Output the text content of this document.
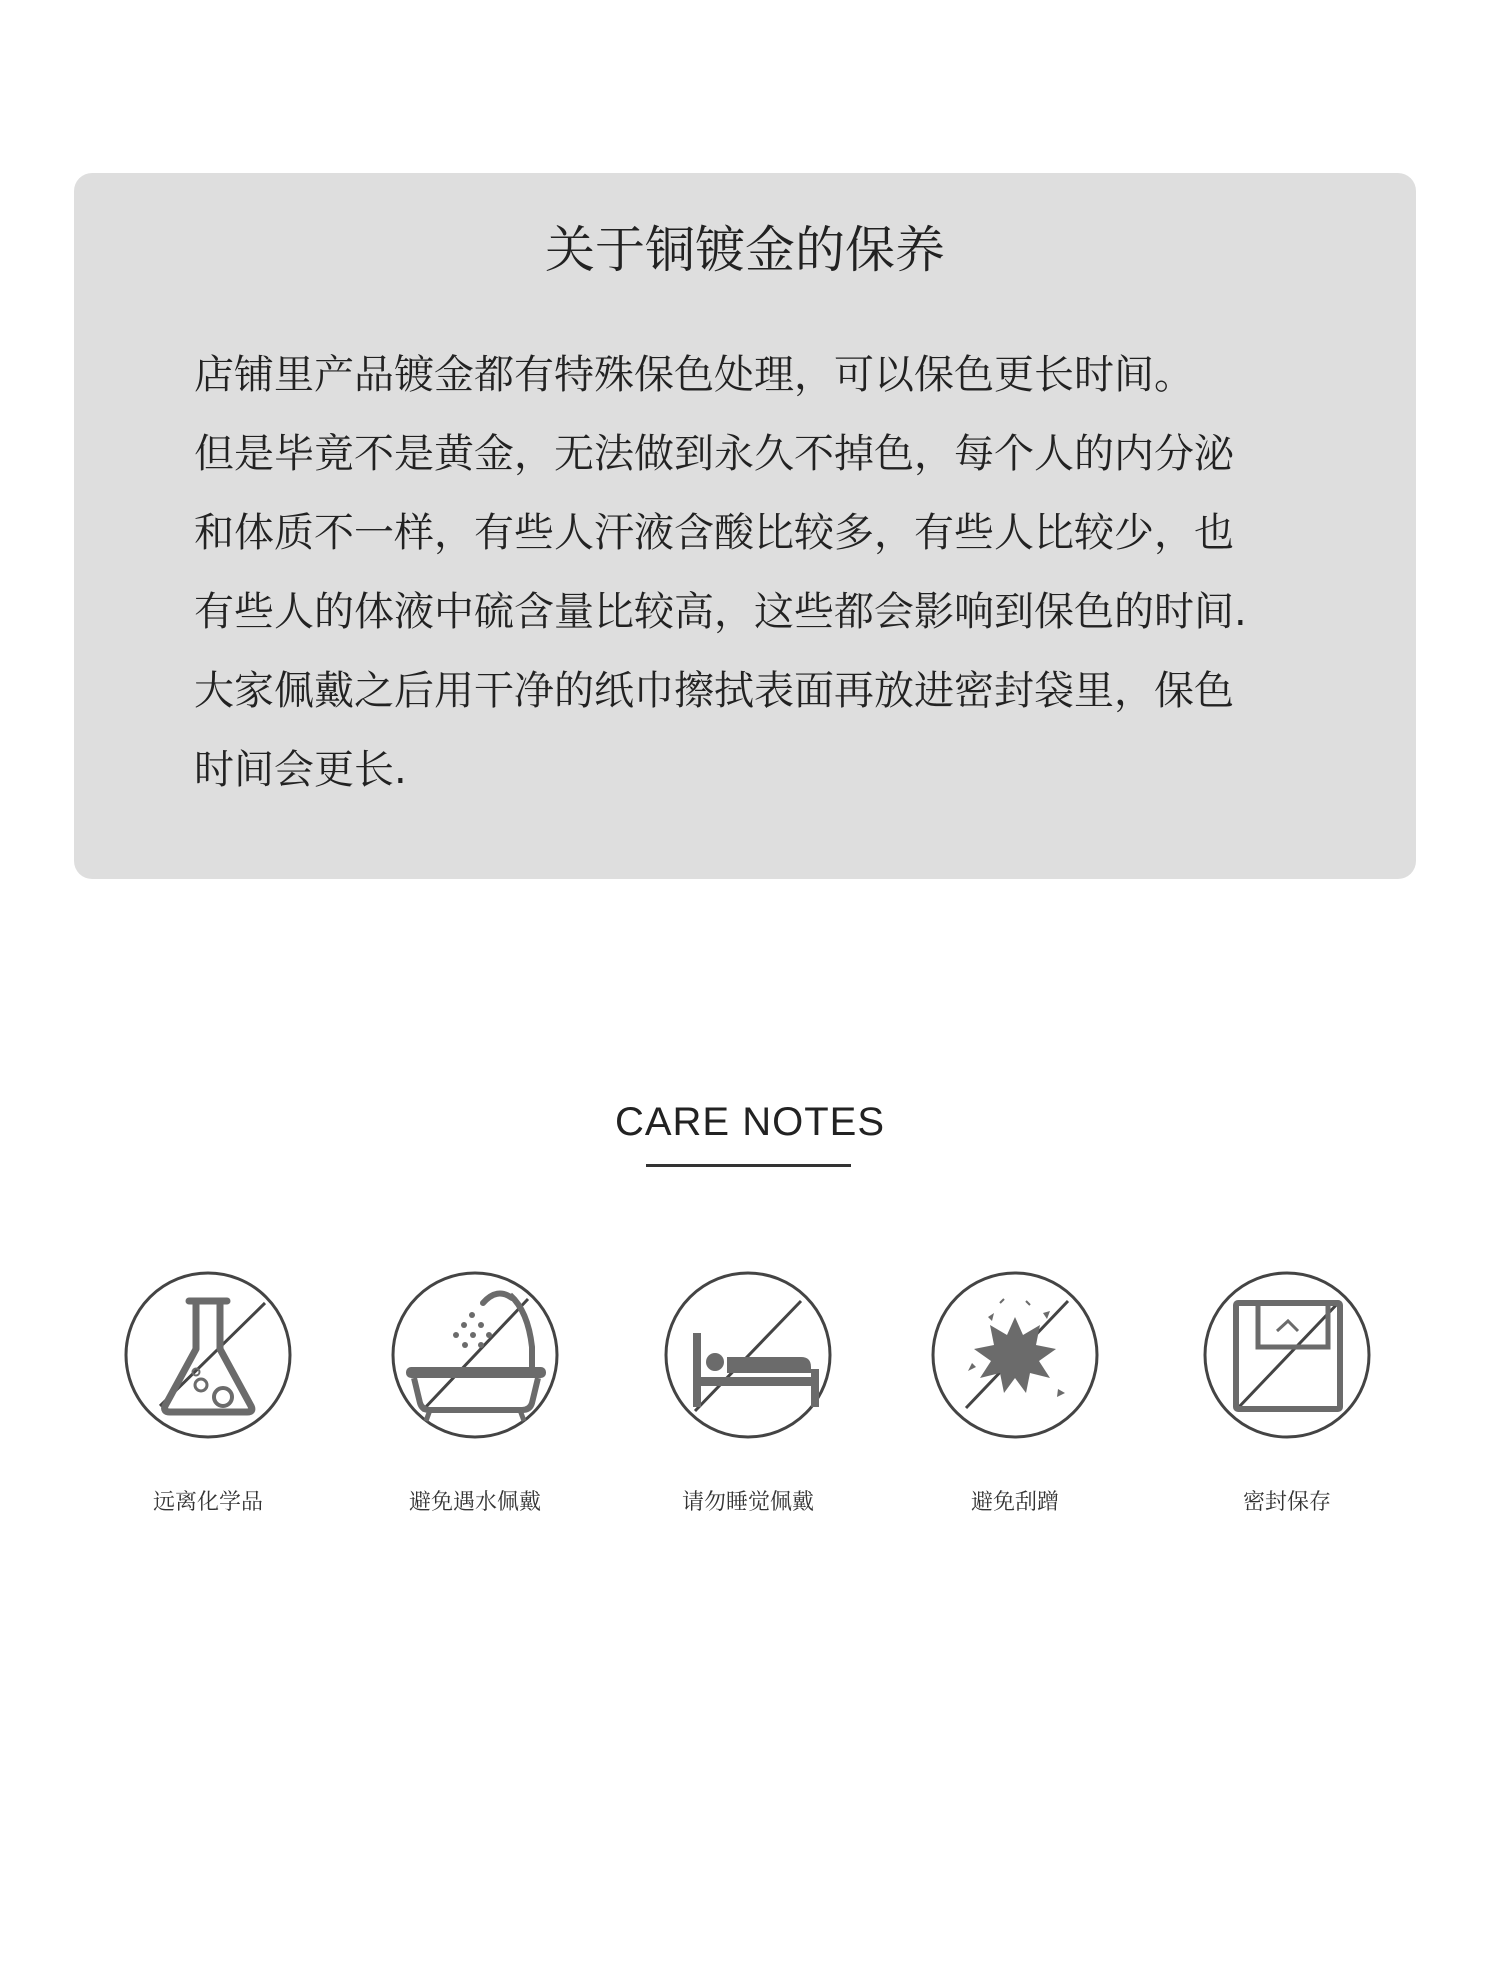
关于铜镀金的保养
店铺里产品镀金都有特殊保色处理，可以保色更长时间。
但是毕竟不是黄金，无法做到永久不掉色，每个人的内分泌
和体质不一样，有些人汗液含酸比较多，有些人比较少，也
有些人的体液中硫含量比较高，这些都会影响到保色的时间.
大家佩戴之后用干净的纸巾擦拭表面再放进密封袋里，保色
时间会更长.
CARE NOTES
远离化学品	避免遇水佩戴	请勿睡觉佩戴	避免刮蹭	密封保存
